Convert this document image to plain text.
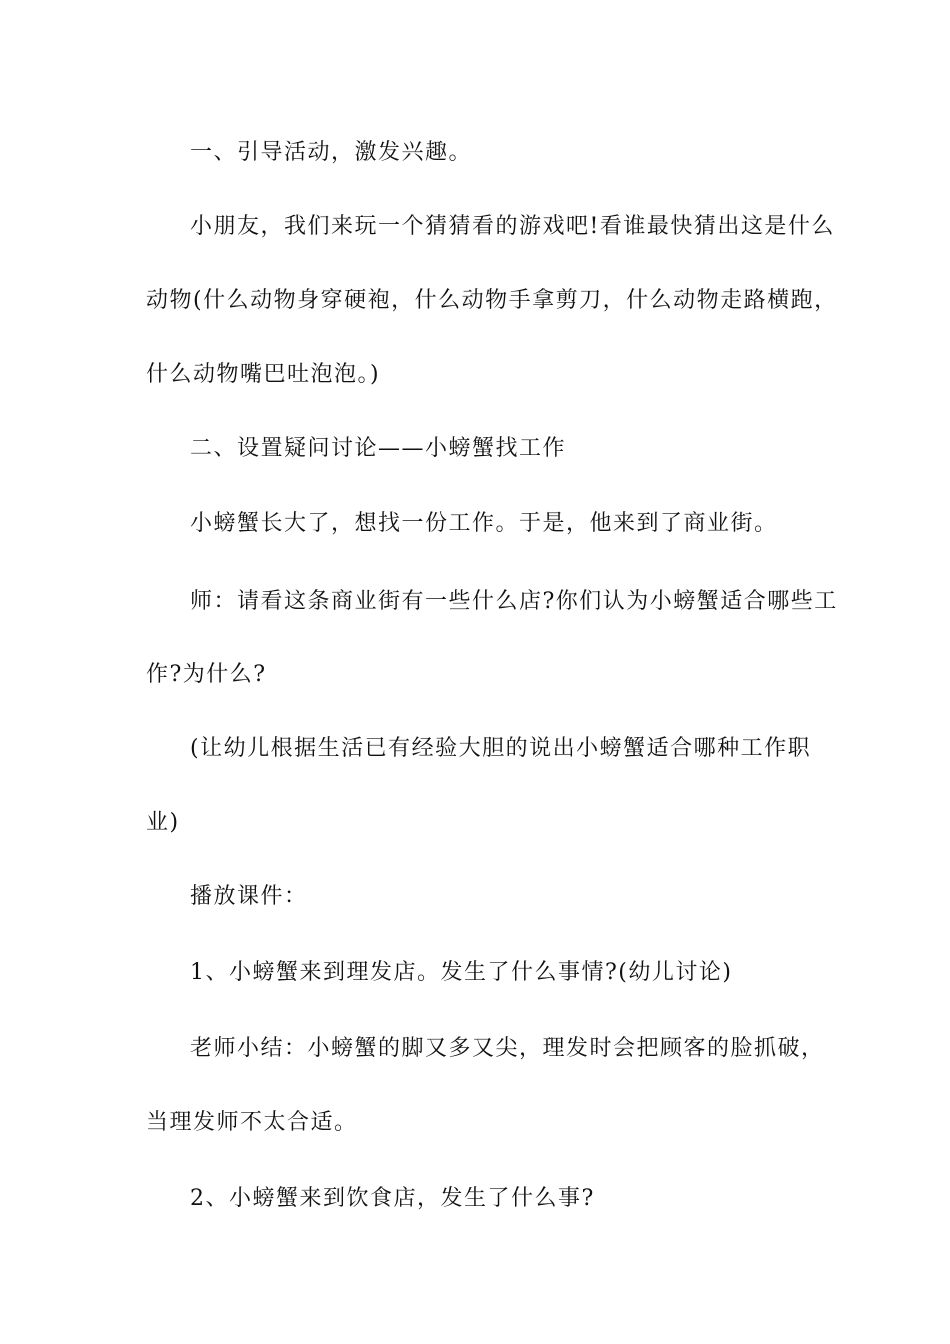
一、引导活动，激发兴趣。
小朋友，我们来玩一个猜猜看的游戏吧!看谁最快猜出这是什么
动物(什么动物身穿硬袍，什么动物手拿剪刀，什么动物走路横跑，
什么动物嘴巴吐泡泡。)
二、设置疑问讨论——小螃蟹找工作
小螃蟹长大了，想找一份工作。于是，他来到了商业街。
师：请看这条商业街有一些什么店?你们认为小螃蟹适合哪些工
作?为什么?
(让幼儿根据生活已有经验大胆的说出小螃蟹适合哪种工作职
业)
播放课件：
1、小螃蟹来到理发店。发生了什么事情?(幼儿讨论)
老师小结：小螃蟹的脚又多又尖，理发时会把顾客的脸抓破，
当理发师不太合适。
2、小螃蟹来到饮食店，发生了什么事?
